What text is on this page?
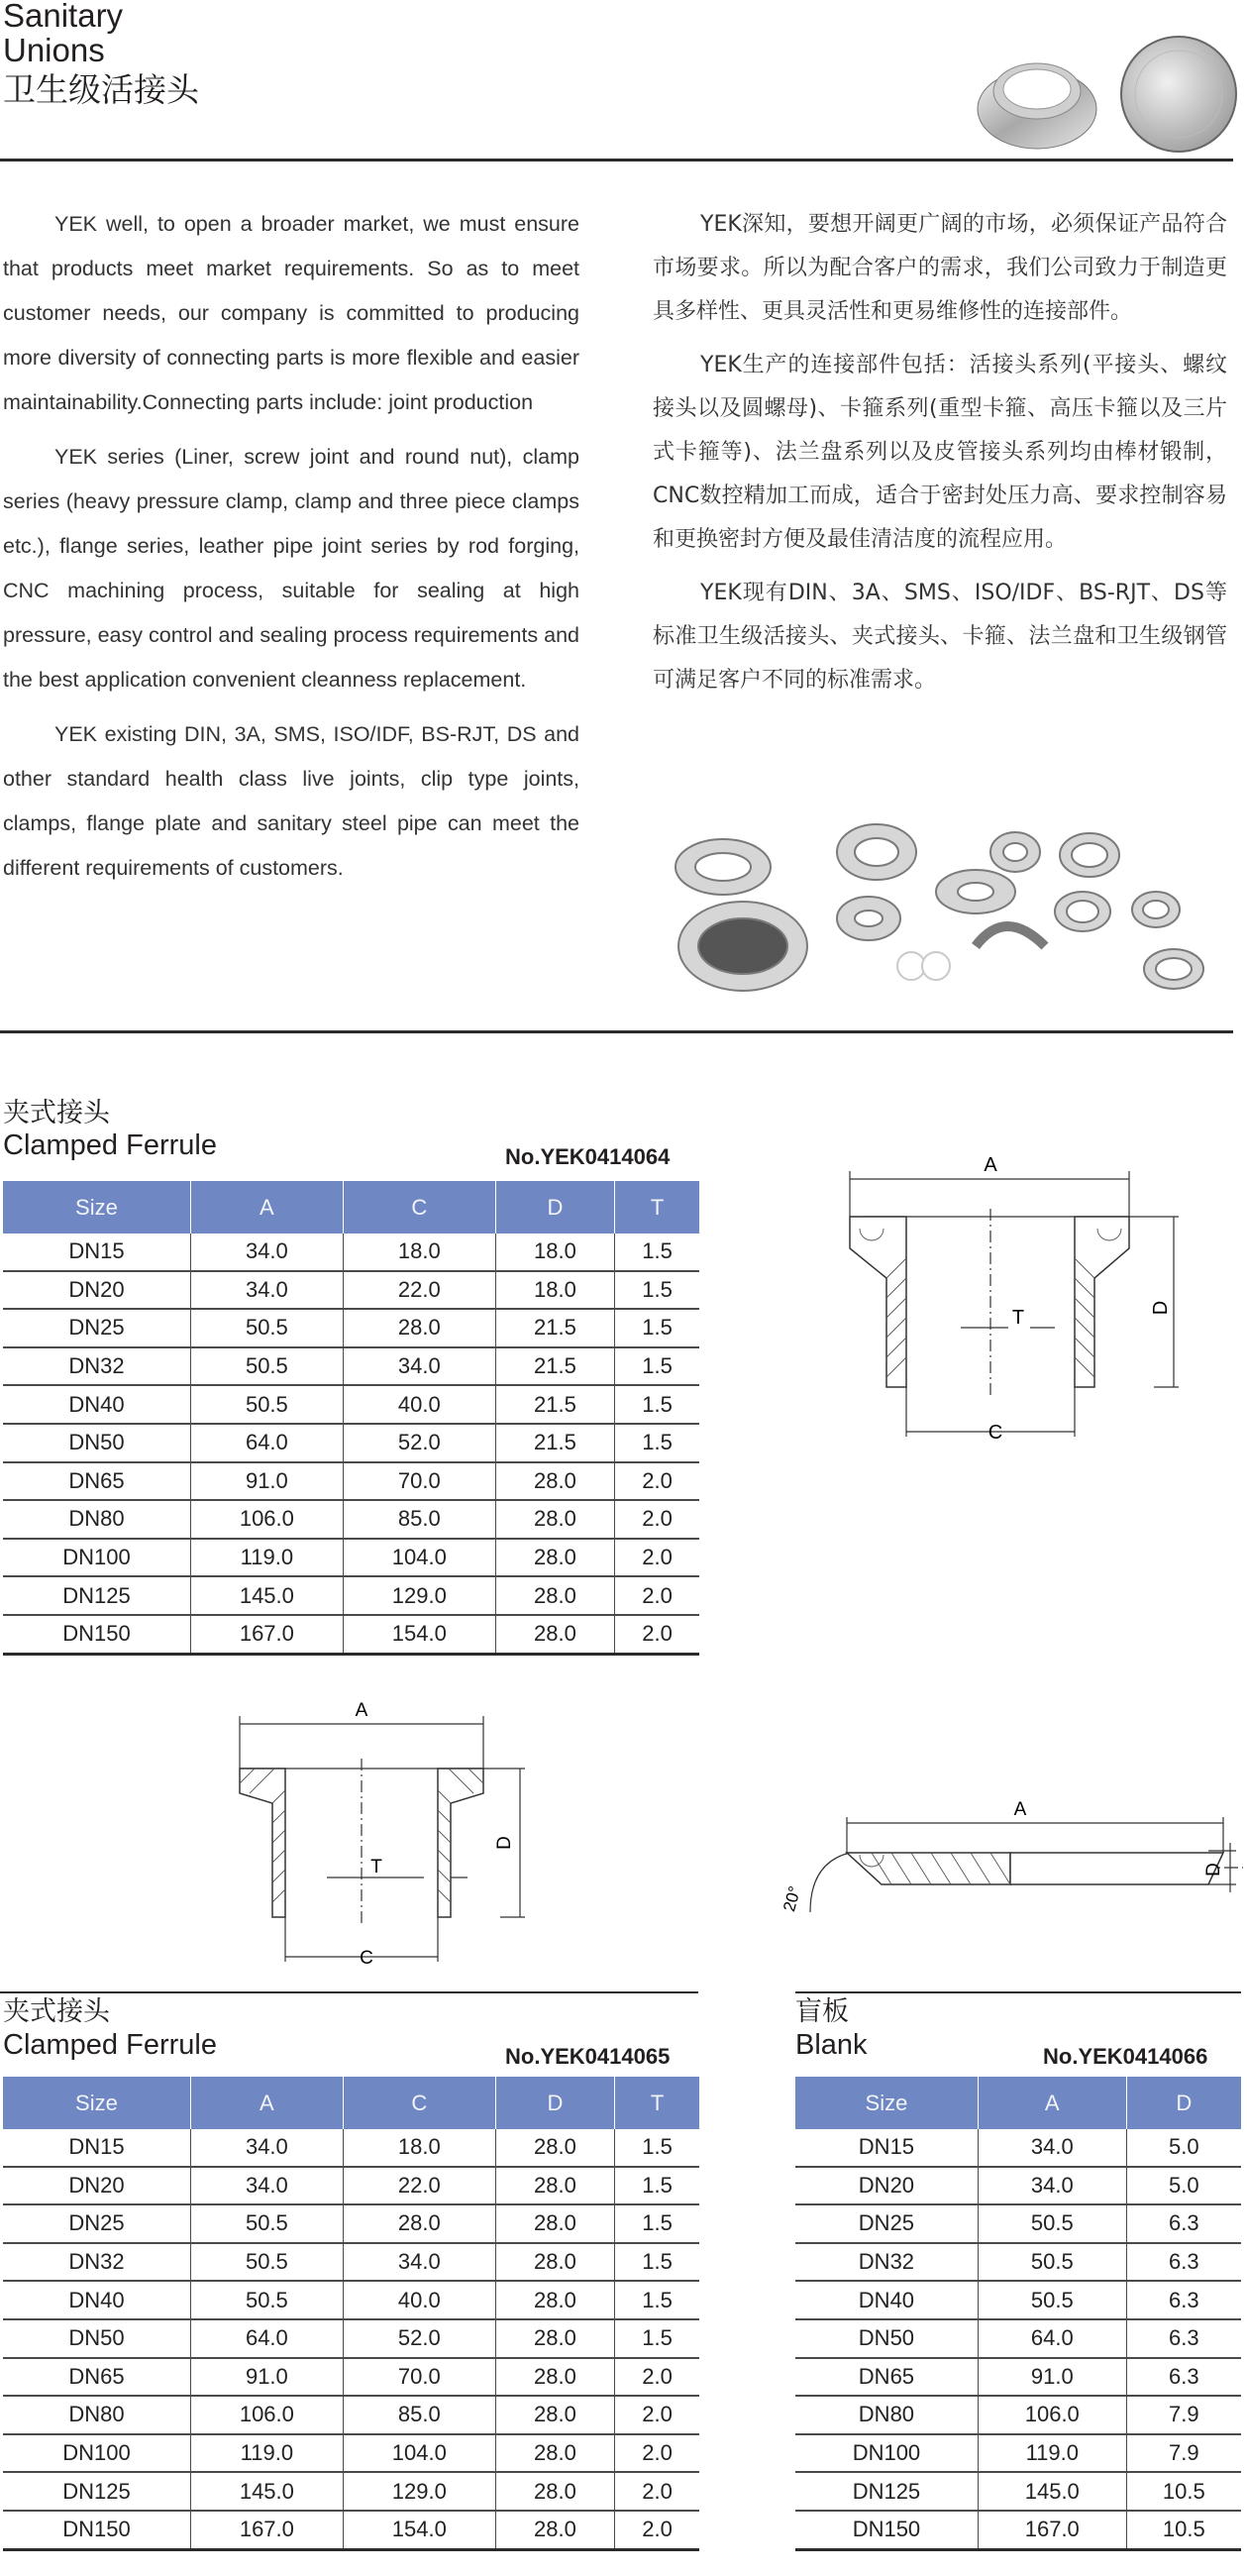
Sanitary
Unions
卫生级活接头

YEK well, to open a broader market, we must ensure that products meet market requirements. So as to meet customer needs, our company is committed to producing more diversity of connecting parts is more flexible and easier maintainability.Connecting parts include: joint production

YEK series (Liner, screw joint and round nut), clamp series (heavy pressure clamp, clamp and three piece clamps etc.), flange series, leather pipe joint series by rod forging, CNC machining process, suitable for sealing at high pressure, easy control and sealing process requirements and the best application convenient cleanness replacement.

YEK existing DIN, 3A, SMS, ISO/IDF, BS-RJT, DS and other standard health class live joints, clip type joints, clamps, flange plate and sanitary steel pipe can meet the different requirements of customers.

YEK深知，要想开阔更广阔的市场，必须保证产品符合市场要求。所以为配合客户的需求，我们公司致力于制造更具多样性、更具灵活性和更易维修性的连接部件。

YEK生产的连接部件包括：活接头系列(平接头、螺纹接头以及圆螺母)、卡箍系列(重型卡箍、高压卡箍以及三片式卡箍等)、法兰盘系列以及皮管接头系列均由棒材锻制，CNC数控精加工而成，适合于密封处压力高、要求控制容易和更换密封方便及最佳清洁度的流程应用。

YEK现有DIN、3A、SMS、ISO/IDF、BS-RJT、DS等标准卫生级活接头、夹式接头、卡箍、法兰盘和卫生级钢管可满足客户不同的标准需求。

夹式接头
Clamped Ferrule	No.YEK0414064
Size	A	C	D	T
DN15	34.0	18.0	18.0	1.5
DN20	34.0	22.0	18.0	1.5
DN25	50.5	28.0	21.5	1.5
DN32	50.5	34.0	21.5	1.5
DN40	50.5	40.0	21.5	1.5
DN50	64.0	52.0	21.5	1.5
DN65	91.0	70.0	28.0	2.0
DN80	106.0	85.0	28.0	2.0
DN100	119.0	104.0	28.0	2.0
DN125	145.0	129.0	28.0	2.0
DN150	167.0	154.0	28.0	2.0
A
C
T	D
A
C
T
D
A
D
20°
夹式接头
Clamped Ferrule	No.YEK0414065
Size	A	C	D	T
DN15	34.0	18.0	28.0	1.5
DN20	34.0	22.0	28.0	1.5
DN25	50.5	28.0	28.0	1.5
DN32	50.5	34.0	28.0	1.5
DN40	50.5	40.0	28.0	1.5
DN50	64.0	52.0	28.0	1.5
DN65	91.0	70.0	28.0	2.0
DN80	106.0	85.0	28.0	2.0
DN100	119.0	104.0	28.0	2.0
DN125	145.0	129.0	28.0	2.0
DN150	167.0	154.0	28.0	2.0
盲板
Blank	No.YEK0414066
Size	A	D
DN15	34.0	5.0
DN20	34.0	5.0
DN25	50.5	6.3
DN32	50.5	6.3
DN40	50.5	6.3
DN50	64.0	6.3
DN65	91.0	6.3
DN80	106.0	7.9
DN100	119.0	7.9
DN125	145.0	10.5
DN150	167.0	10.5
